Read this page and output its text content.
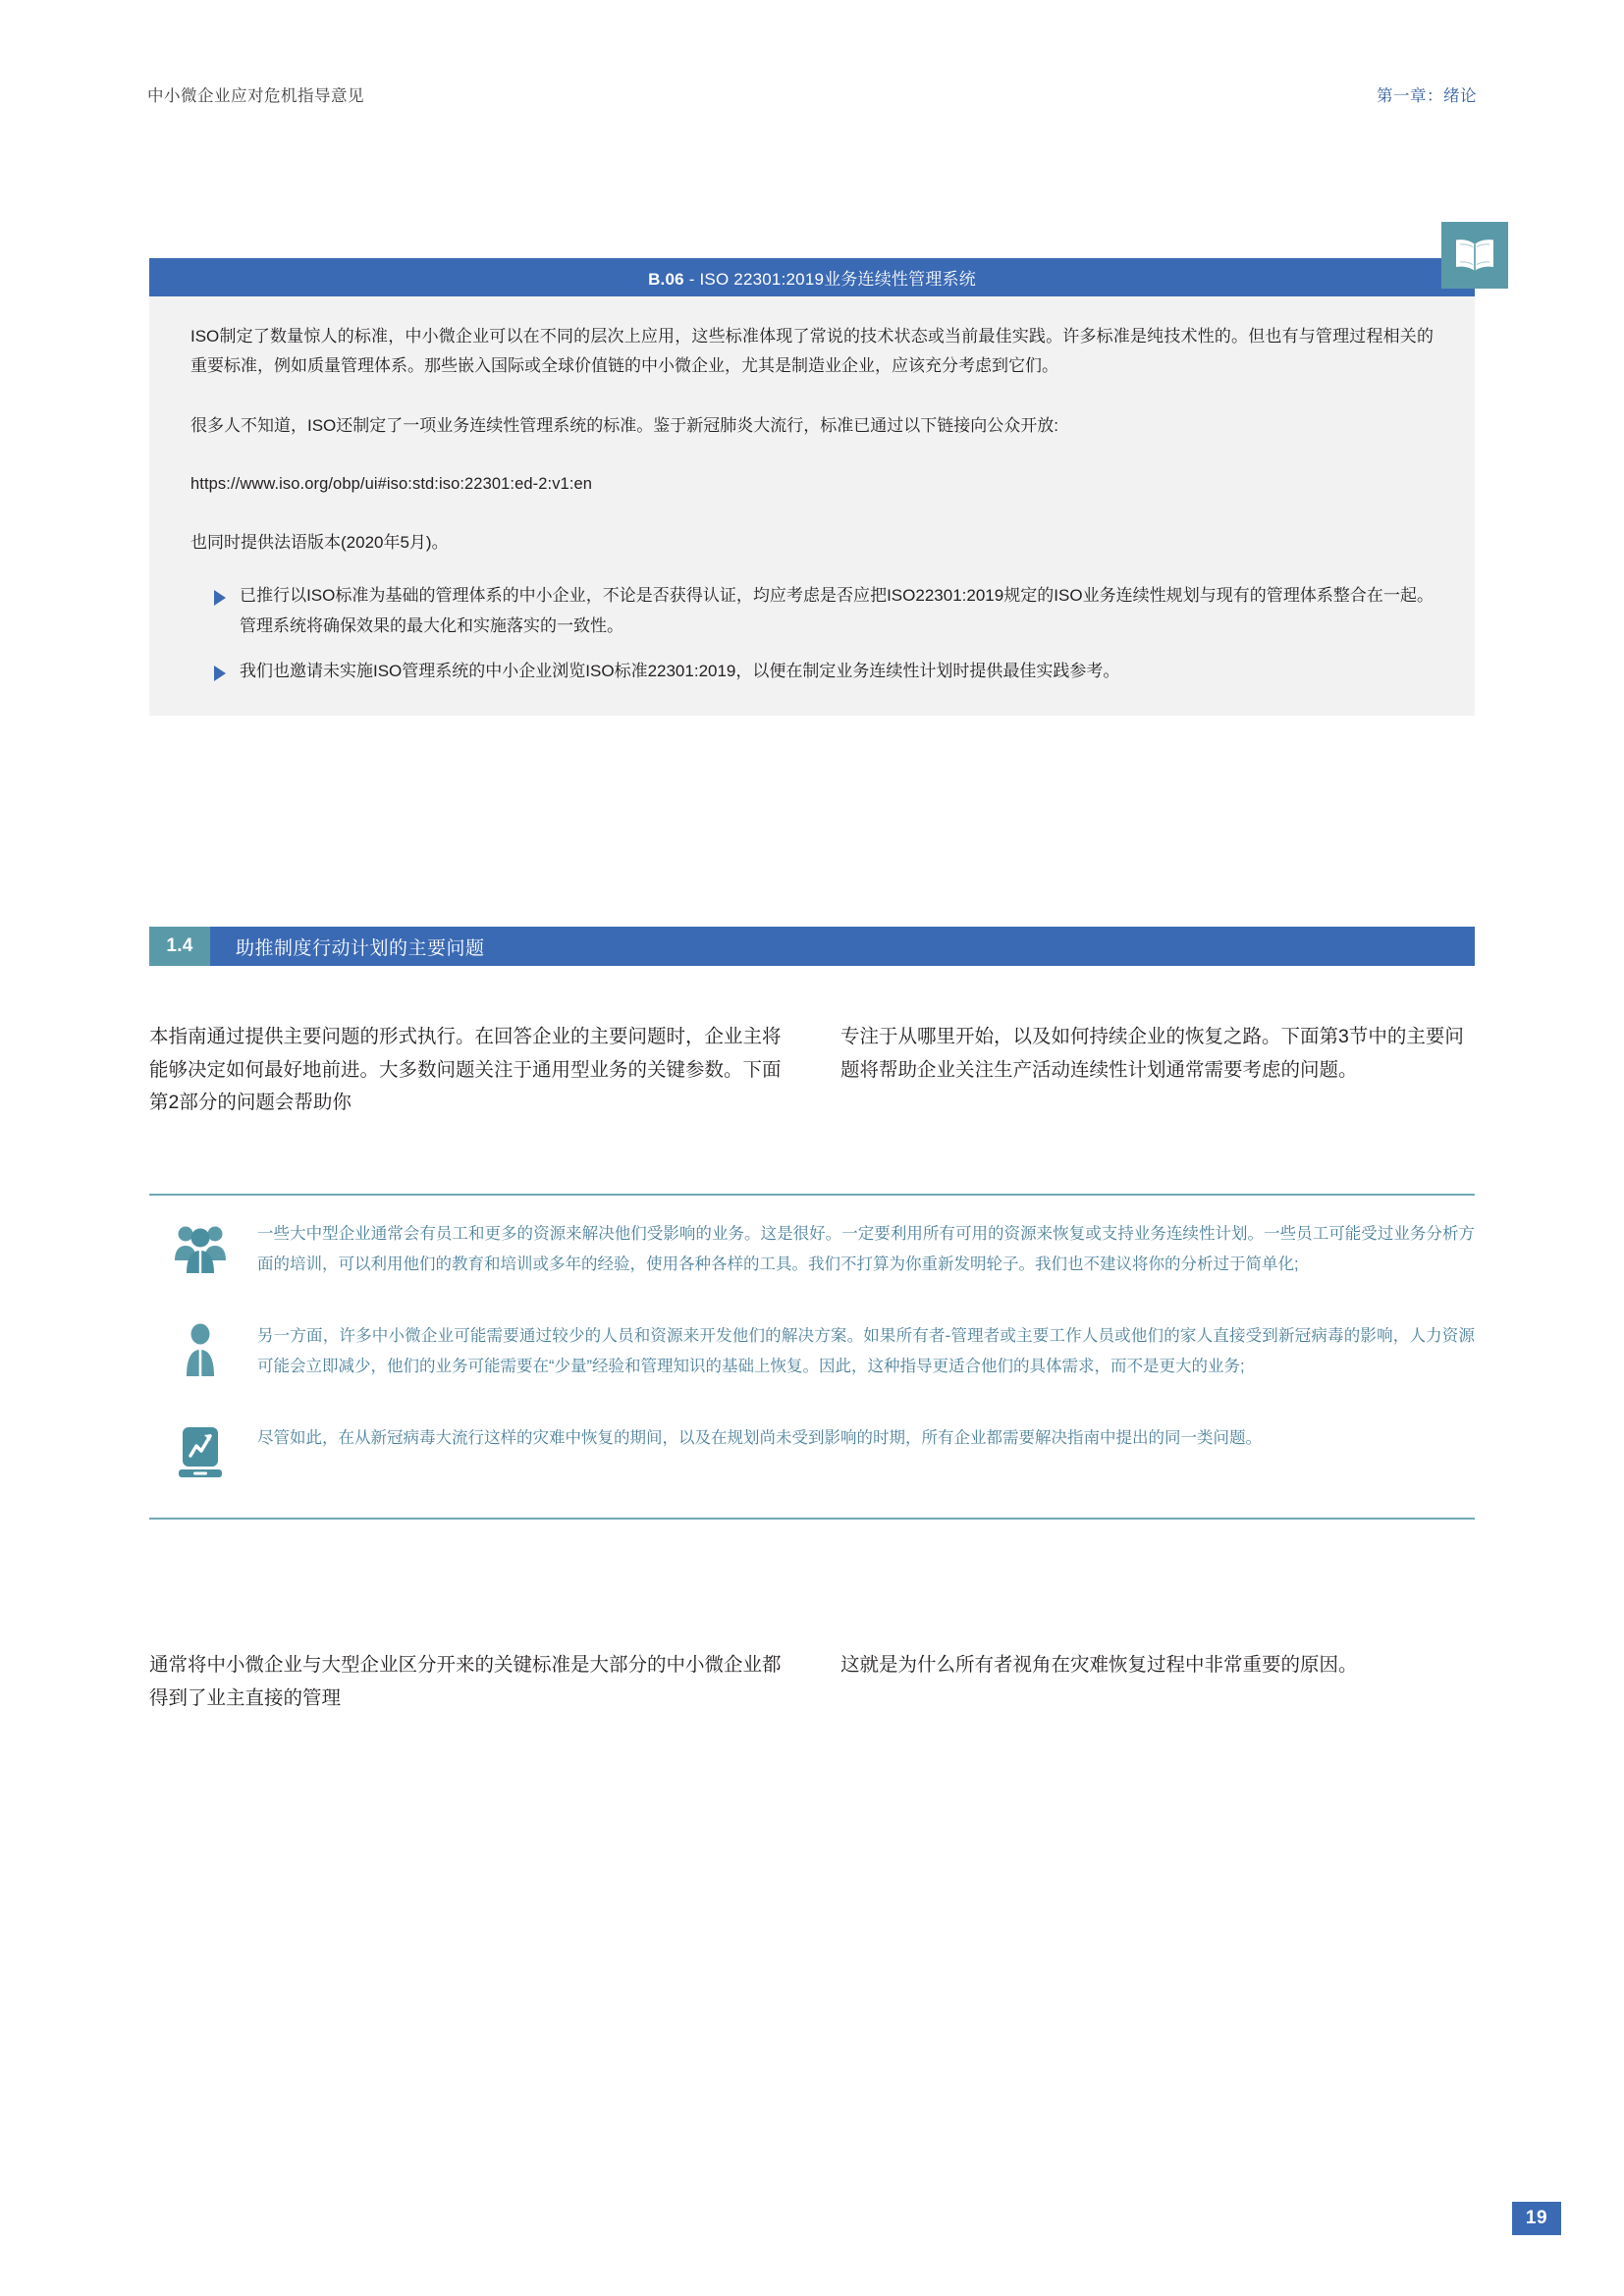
中小微企业应对危机指导意见	第一章：绪论
B.06 - ISO 22301:2019业务连续性管理系统

ISO制定了数量惊人的标准，中小微企业可以在不同的层次上应用，这些标准体现了常说的技术状态或当前最佳实践。许多标准是纯技术性的。但也有与管理过程相关的重要标准，例如质量管理体系。那些嵌入国际或全球价值链的中小微企业，尤其是制造业企业，应该充分考虑到它们。

很多人不知道，ISO还制定了一项业务连续性管理系统的标准。鉴于新冠肺炎大流行，标准已通过以下链接向公众开放:

https://www.iso.org/obp/ui#iso:std:iso:22301:ed-2:v1:en

也同时提供法语版本(2020年5月)。

已推行以ISO标准为基础的管理体系的中小企业，不论是否获得认证，均应考虑是否应把ISO22301:2019规定的ISO业务连续性规划与现有的管理体系整合在一起。管理系统将确保效果的最大化和实施落实的一致性。
我们也邀请未实施ISO管理系统的中小企业浏览ISO标准22301:2019，以便在制定业务连续性计划时提供最佳实践参考。
1.4	助推制度行动计划的主要问题

本指南通过提供主要问题的形式执行。在回答企业的主要问题时，企业主将能够决定如何最好地前进。大多数问题关注于通用型业务的关键参数。下面第2部分的问题会帮助你

专注于从哪里开始，以及如何持续企业的恢复之路。下面第3节中的主要问题将帮助企业关注生产活动连续性计划通常需要考虑的问题。

一些大中型企业通常会有员工和更多的资源来解决他们受影响的业务。这是很好。一定要利用所有可用的资源来恢复或支持业务连续性计划。一些员工可能受过业务分析方面的培训，可以利用他们的教育和培训或多年的经验，使用各种各样的工具。我们不打算为你重新发明轮子。我们也不建议将你的分析过于简单化;
另一方面，许多中小微企业可能需要通过较少的人员和资源来开发他们的解决方案。如果所有者-管理者或主要工作人员或他们的家人直接受到新冠病毒的影响，人力资源可能会立即减少，他们的业务可能需要在“少量”经验和管理知识的基础上恢复。因此，这种指导更适合他们的具体需求，而不是更大的业务;
尽管如此，在从新冠病毒大流行这样的灾难中恢复的期间，以及在规划尚未受到影响的时期，所有企业都需要解决指南中提出的同一类问题。

通常将中小微企业与大型企业区分开来的关键标准是大部分的中小微企业都得到了业主直接的管理

这就是为什么所有者视角在灾难恢复过程中非常重要的原因。

19
